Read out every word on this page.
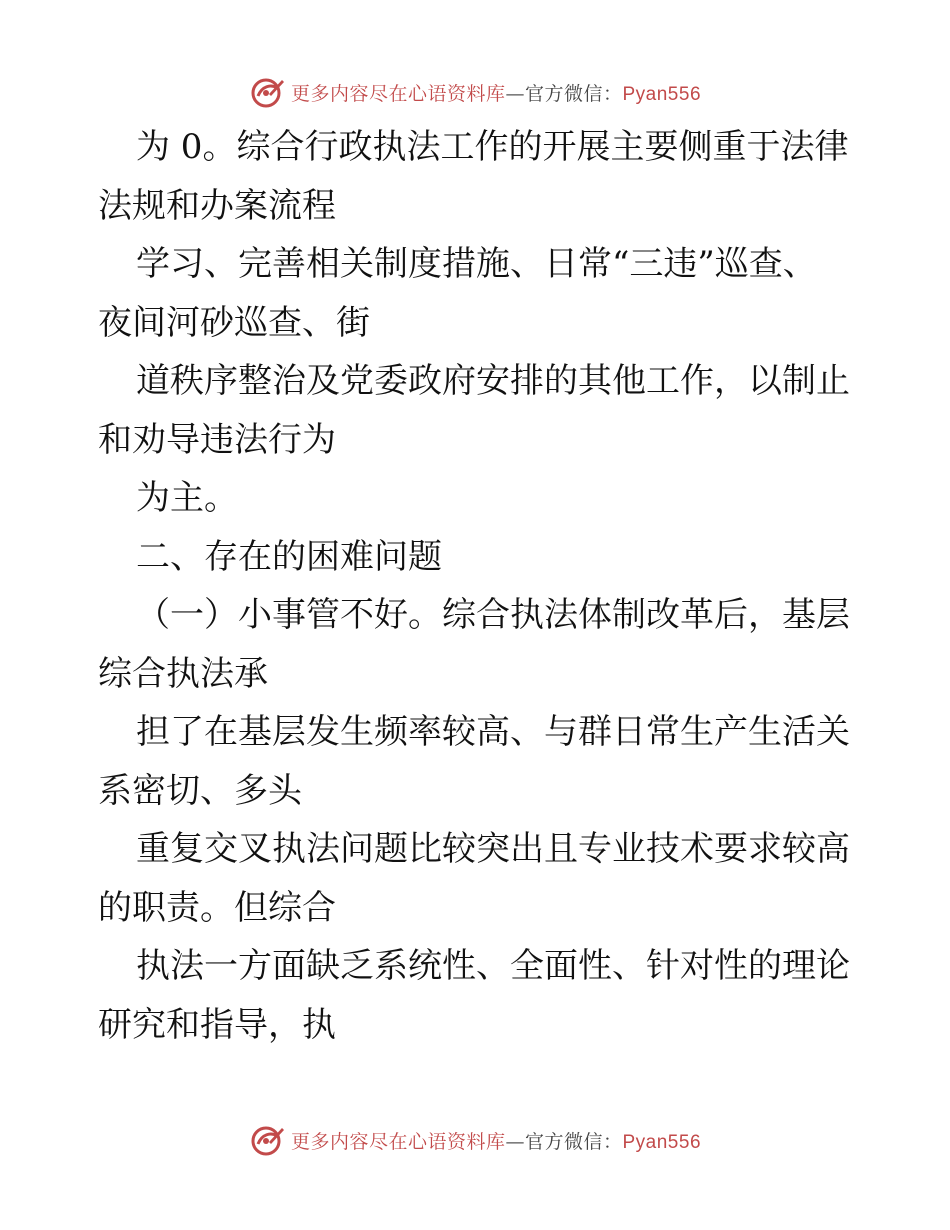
更多内容尽在心语资料库—官方微信：Pyan556
为 0。综合行政执法工作的开展主要侧重于法律
法规和办案流程
学习、完善相关制度措施、日常“三违”巡查、
夜间河砂巡查、街
道秩序整治及党委政府安排的其他工作，以制止
和劝导违法行为
为主。
二、存在的困难问题
（一）小事管不好。综合执法体制改革后，基层
综合执法承
担了在基层发生频率较高、与群日常生产生活关
系密切、多头
重复交叉执法问题比较突出且专业技术要求较高
的职责。但综合
执法一方面缺乏系统性、全面性、针对性的理论
研究和指导，执
更多内容尽在心语资料库—官方微信：Pyan556
